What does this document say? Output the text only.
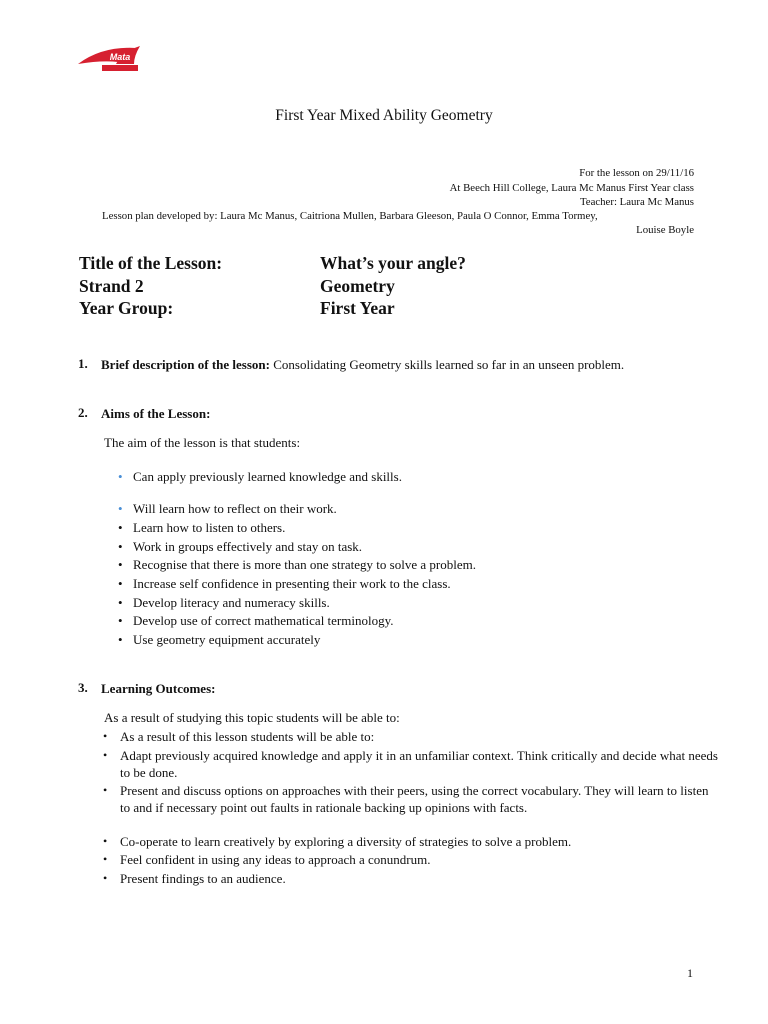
Mata
First Year Mixed Ability Geometry
For the lesson on 29/11/16
At Beech Hill College, Laura Mc Manus First Year class
Teacher: Laura Mc Manus
Lesson plan developed by: Laura Mc Manus, Caitriona Mullen, Barbara Gleeson, Paula O Connor, Emma Tormey,
Louise Boyle
Title of the Lesson:	What’s your angle?
Strand 2	Geometry
Year Group:	First Year
1. Brief description of the lesson: Consolidating Geometry skills learned so far in an unseen problem.
2. Aims of the Lesson:
The aim of the lesson is that students:
• Can apply previously learned knowledge and skills.
• Will learn how to reflect on their work.
• Learn how to listen to others.
• Work in groups effectively and stay on task.
• Recognise that there is more than one strategy to solve a problem.
• Increase self confidence in presenting their work to the class.
• Develop literacy and numeracy skills.
• Develop use of correct mathematical terminology.
• Use geometry equipment accurately
3. Learning Outcomes:
As a result of studying this topic students will be able to:
• As a result of this lesson students will be able to:
• Adapt previously acquired knowledge and apply it in an unfamiliar context. Think critically and decide what needs to be done.
• Present and discuss options on approaches with their peers, using the correct vocabulary. They will learn to listen to and if necessary point out faults in rationale backing up opinions with facts.
• Co-operate to learn creatively by exploring a diversity of strategies to solve a problem.
• Feel confident in using any ideas to approach a conundrum.
• Present findings to an audience.
1
